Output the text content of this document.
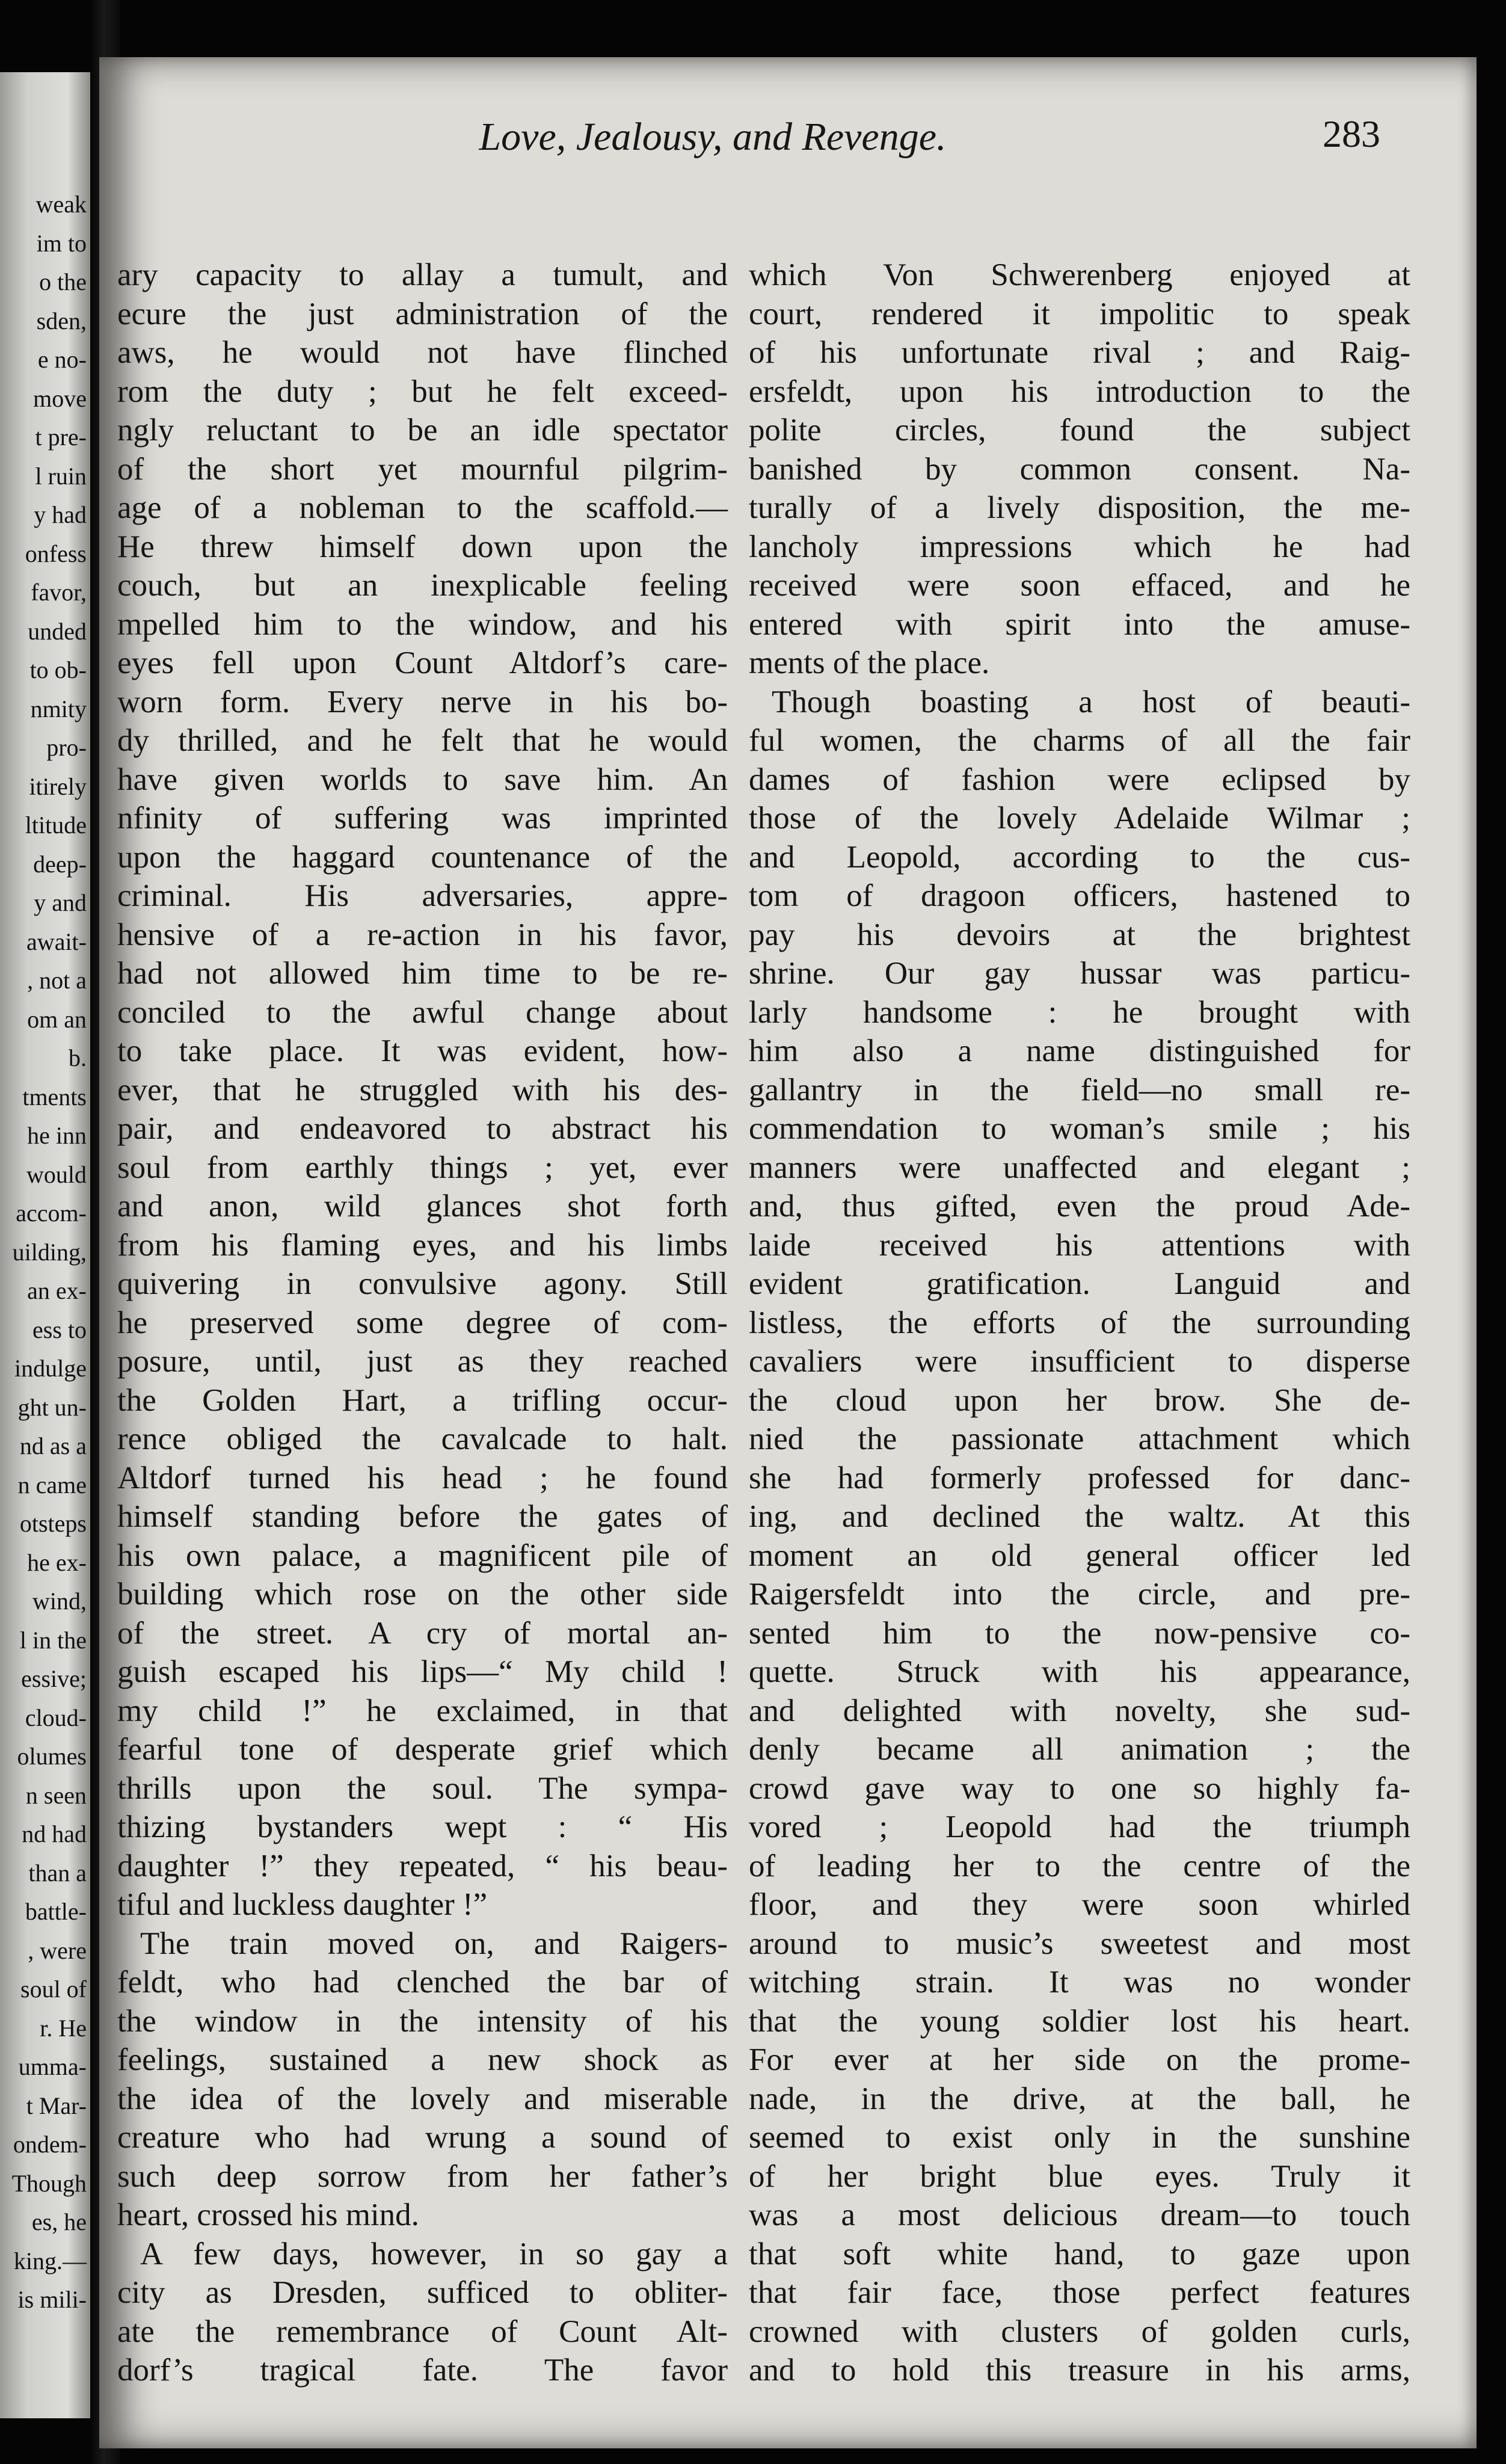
weak
im to
o the
sden,
e no-
move
t pre-
l ruin
y had
onfess
favor,
unded
to ob-
nmity
pro-
itirely
ltitude
deep-
y and
await-
, not a
om an
b.
tments
he inn
would
accom-
uilding,
an ex-
ess to
indulge
ght un-
nd as a
n came
otsteps
he ex-
wind,
l in the
essive;
cloud-
olumes
n seen
nd had
than a
battle-
, were
soul of
r. He
umma-
t Mar-
ondem-
Though
es, he
king.—
is mili-
Love, Jealousy, and Revenge.	283
ary capacity to allay a tumult, and
ecure the just administration of the
aws, he would not have flinched
rom the duty ; but he felt exceed-
ngly reluctant to be an idle spectator
of the short yet mournful pilgrim-
age of a nobleman to the scaffold.—
He threw himself down upon the
couch, but an inexplicable feeling
mpelled him to the window, and his
eyes fell upon Count Altdorf’s care-
worn form. Every nerve in his bo-
dy thrilled, and he felt that he would
have given worlds to save him. An
nfinity of suffering was imprinted
upon the haggard countenance of the
criminal. His adversaries, appre-
hensive of a re-action in his favor,
had not allowed him time to be re-
conciled to the awful change about
to take place. It was evident, how-
ever, that he struggled with his des-
pair, and endeavored to abstract his
soul from earthly things ; yet, ever
and anon, wild glances shot forth
from his flaming eyes, and his limbs
quivering in convulsive agony. Still
he preserved some degree of com-
posure, until, just as they reached
the Golden Hart, a trifling occur-
rence obliged the cavalcade to halt.
Altdorf turned his head ; he found
himself standing before the gates of
his own palace, a magnificent pile of
building which rose on the other side
of the street. A cry of mortal an-
guish escaped his lips—“ My child !
my child !” he exclaimed, in that
fearful tone of desperate grief which
thrills upon the soul. The sympa-
thizing bystanders wept : “ His
daughter !” they repeated, “ his beau-
tiful and luckless daughter !”
The train moved on, and Raigers-
feldt, who had clenched the bar of
the window in the intensity of his
feelings, sustained a new shock as
the idea of the lovely and miserable
creature who had wrung a sound of
such deep sorrow from her father’s
heart, crossed his mind.
A few days, however, in so gay a
city as Dresden, sufficed to obliter-
ate the remembrance of Count Alt-
dorf’s tragical fate. The favor
which Von Schwerenberg enjoyed at
court, rendered it impolitic to speak
of his unfortunate rival ; and Raig-
ersfeldt, upon his introduction to the
polite circles, found the subject
banished by common consent. Na-
turally of a lively disposition, the me-
lancholy impressions which he had
received were soon effaced, and he
entered with spirit into the amuse-
ments of the place.
Though boasting a host of beauti-
ful women, the charms of all the fair
dames of fashion were eclipsed by
those of the lovely Adelaide Wilmar ;
and Leopold, according to the cus-
tom of dragoon officers, hastened to
pay his devoirs at the brightest
shrine. Our gay hussar was particu-
larly handsome : he brought with
him also a name distinguished for
gallantry in the field—no small re-
commendation to woman’s smile ; his
manners were unaffected and elegant ;
and, thus gifted, even the proud Ade-
laide received his attentions with
evident gratification. Languid and
listless, the efforts of the surrounding
cavaliers were insufficient to disperse
the cloud upon her brow. She de-
nied the passionate attachment which
she had formerly professed for danc-
ing, and declined the waltz. At this
moment an old general officer led
Raigersfeldt into the circle, and pre-
sented him to the now-pensive co-
quette. Struck with his appearance,
and delighted with novelty, she sud-
denly became all animation ; the
crowd gave way to one so highly fa-
vored ; Leopold had the triumph
of leading her to the centre of the
floor, and they were soon whirled
around to music’s sweetest and most
witching strain. It was no wonder
that the young soldier lost his heart.
For ever at her side on the prome-
nade, in the drive, at the ball, he
seemed to exist only in the sunshine
of her bright blue eyes. Truly it
was a most delicious dream—to touch
that soft white hand, to gaze upon
that fair face, those perfect features
crowned with clusters of golden curls,
and to hold this treasure in his arms,
